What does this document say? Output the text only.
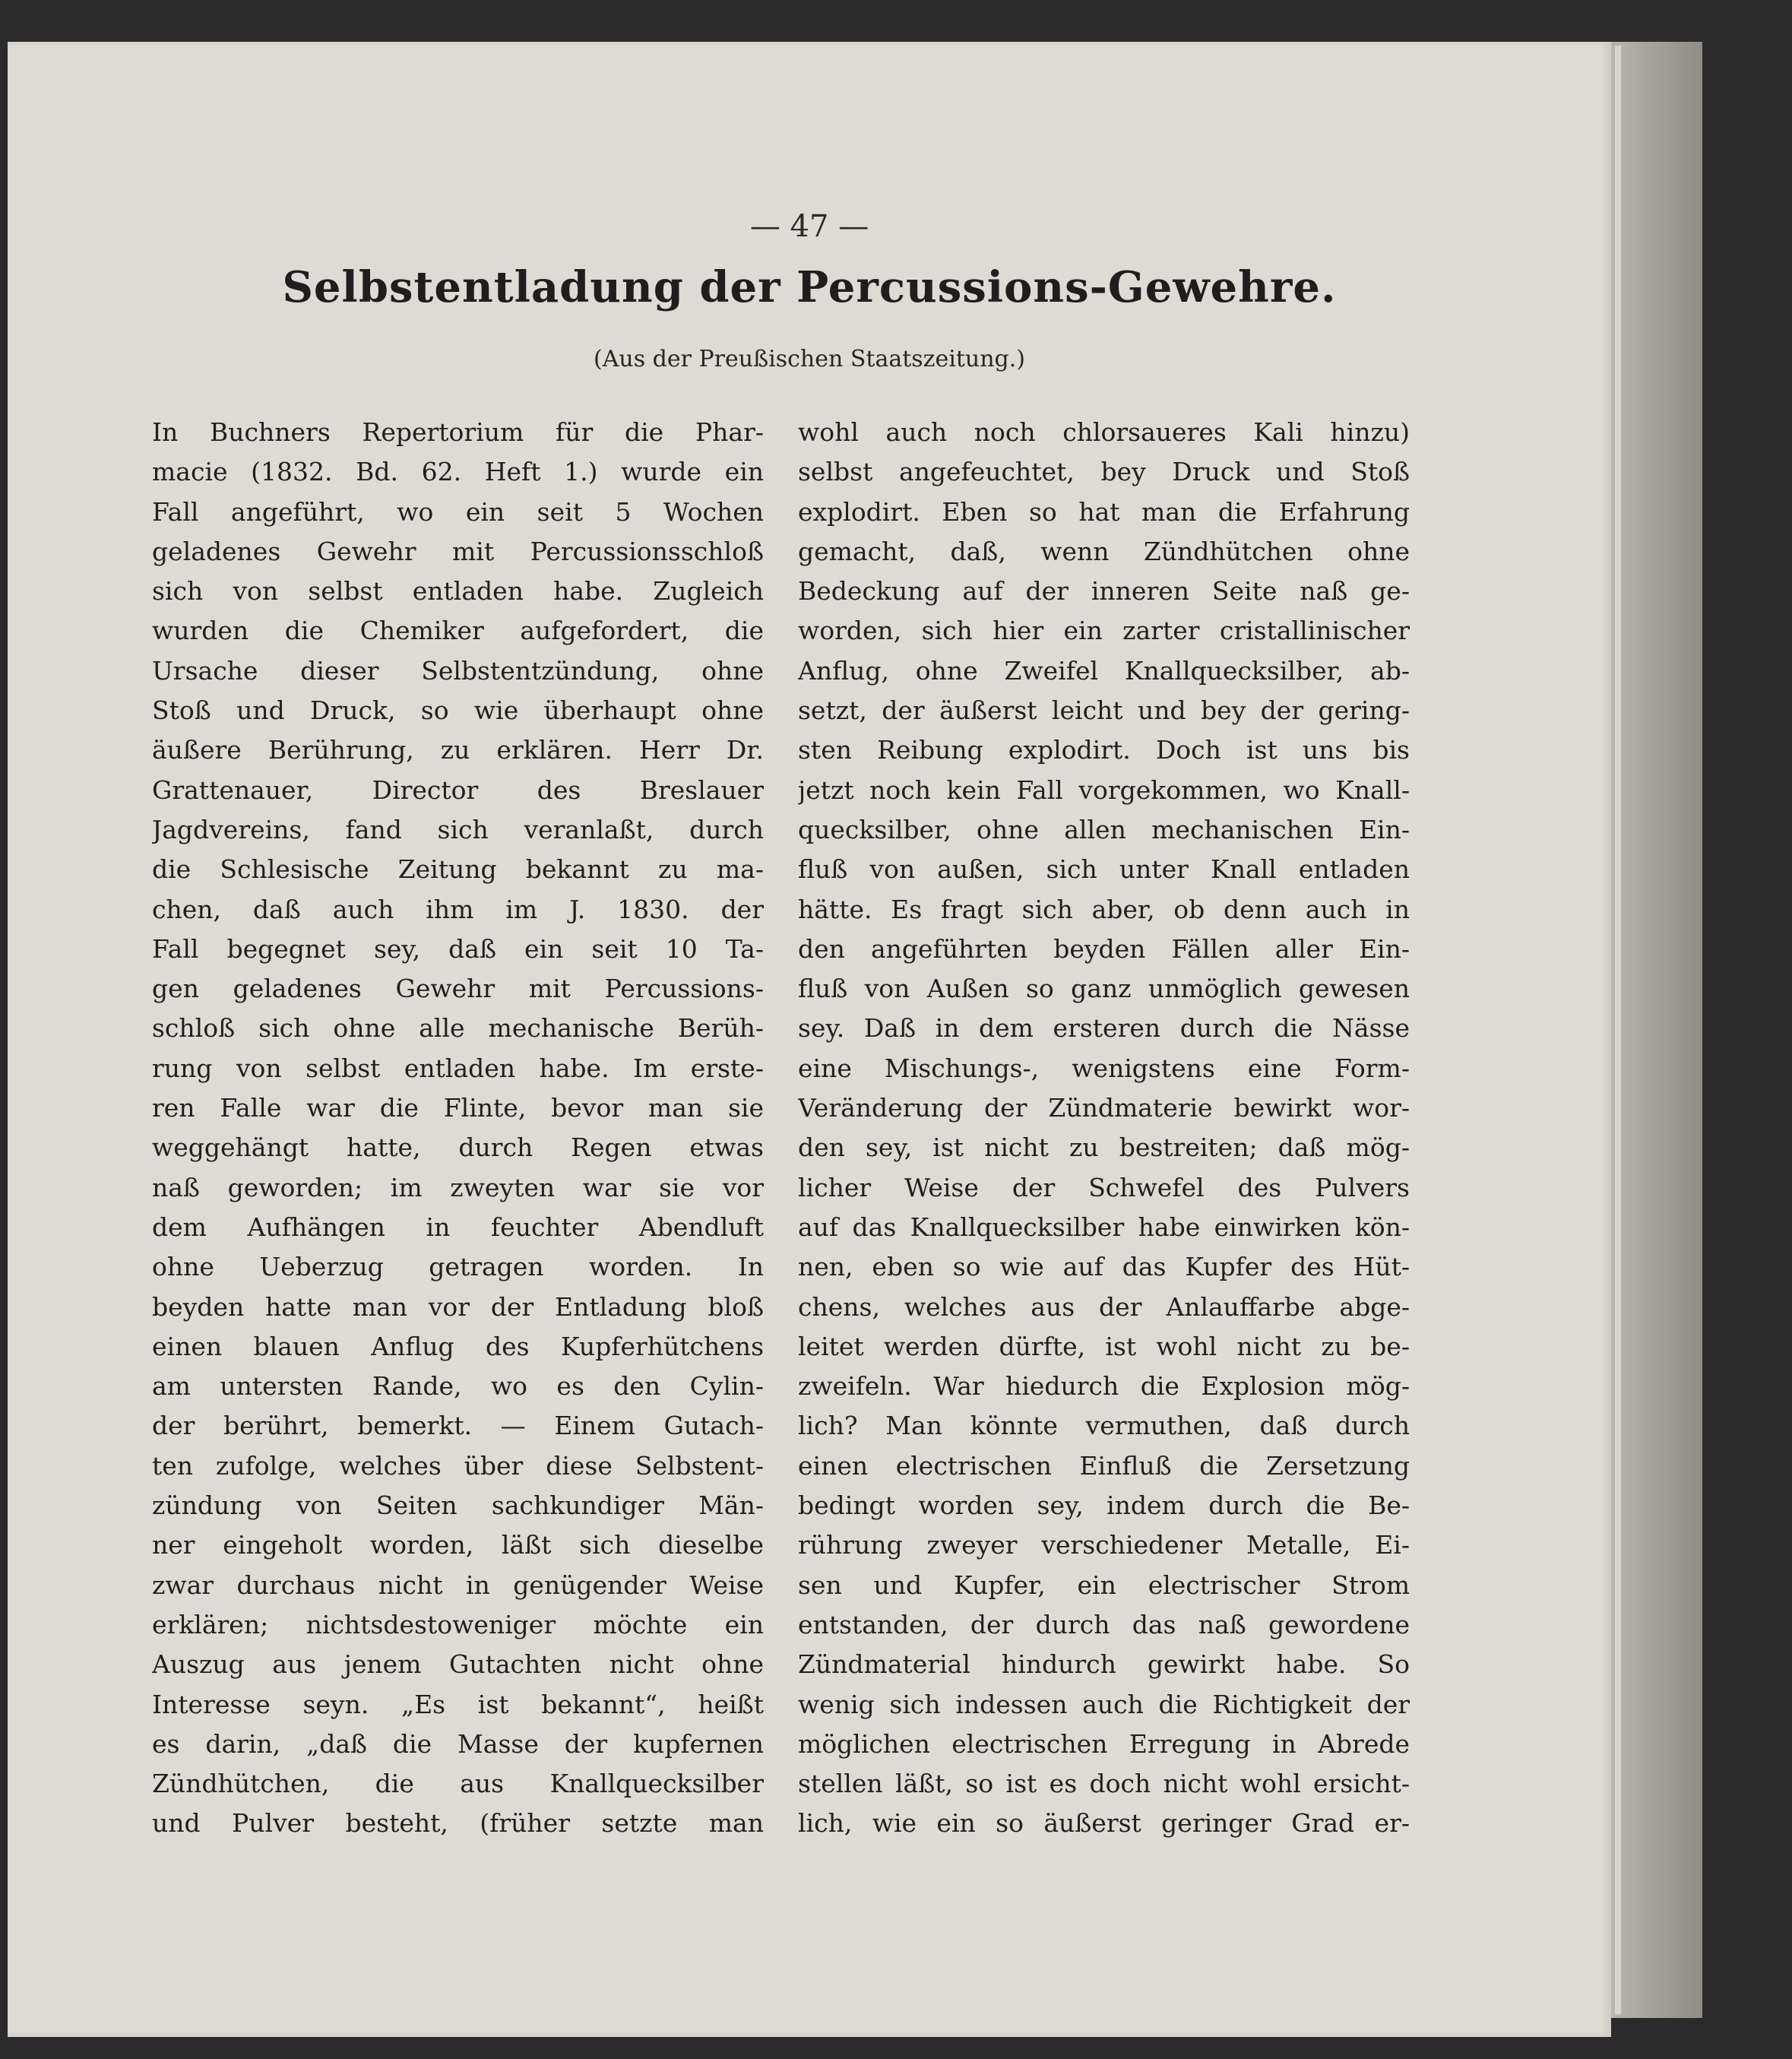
— 47 —
Selbstentladung der Percussions-Gewehre.
(Aus der Preußischen Staatszeitung.)
In Buchners Repertorium für die Phar-
macie (1832. Bd. 62. Heft 1.) wurde ein
Fall angeführt, wo ein seit 5 Wochen
geladenes Gewehr mit Percussionsschloß
sich von selbst entladen habe. Zugleich
wurden die Chemiker aufgefordert, die
Ursache dieser Selbstentzündung, ohne
Stoß und Druck, so wie überhaupt ohne
äußere Berührung, zu erklären. Herr Dr.
Grattenauer, Director des Breslauer
Jagdvereins, fand sich veranlaßt, durch
die Schlesische Zeitung bekannt zu ma-
chen, daß auch ihm im J. 1830. der
Fall begegnet sey, daß ein seit 10 Ta-
gen geladenes Gewehr mit Percussions-
schloß sich ohne alle mechanische Berüh-
rung von selbst entladen habe. Im erste-
ren Falle war die Flinte, bevor man sie
weggehängt hatte, durch Regen etwas
naß geworden; im zweyten war sie vor
dem Aufhängen in feuchter Abendluft
ohne Ueberzug getragen worden. In
beyden hatte man vor der Entladung bloß
einen blauen Anflug des Kupferhütchens
am untersten Rande, wo es den Cylin-
der berührt, bemerkt. — Einem Gutach-
ten zufolge, welches über diese Selbstent-
zündung von Seiten sachkundiger Män-
ner eingeholt worden, läßt sich dieselbe
zwar durchaus nicht in genügender Weise
erklären; nichtsdestoweniger möchte ein
Auszug aus jenem Gutachten nicht ohne
Interesse seyn. „Es ist bekannt“, heißt
es darin, „daß die Masse der kupfernen
Zündhütchen, die aus Knallquecksilber
und Pulver besteht, (früher setzte man
wohl auch noch chlorsaueres Kali hinzu)
selbst angefeuchtet, bey Druck und Stoß
explodirt. Eben so hat man die Erfahrung
gemacht, daß, wenn Zündhütchen ohne
Bedeckung auf der inneren Seite naß ge-
worden, sich hier ein zarter cristallinischer
Anflug, ohne Zweifel Knallquecksilber, ab-
setzt, der äußerst leicht und bey der gering-
sten Reibung explodirt. Doch ist uns bis
jetzt noch kein Fall vorgekommen, wo Knall-
quecksilber, ohne allen mechanischen Ein-
fluß von außen, sich unter Knall entladen
hätte. Es fragt sich aber, ob denn auch in
den angeführten beyden Fällen aller Ein-
fluß von Außen so ganz unmöglich gewesen
sey. Daß in dem ersteren durch die Nässe
eine Mischungs-, wenigstens eine Form-
Veränderung der Zündmaterie bewirkt wor-
den sey, ist nicht zu bestreiten; daß mög-
licher Weise der Schwefel des Pulvers
auf das Knallquecksilber habe einwirken kön-
nen, eben so wie auf das Kupfer des Hüt-
chens, welches aus der Anlauffarbe abge-
leitet werden dürfte, ist wohl nicht zu be-
zweifeln. War hiedurch die Explosion mög-
lich? Man könnte vermuthen, daß durch
einen electrischen Einfluß die Zersetzung
bedingt worden sey, indem durch die Be-
rührung zweyer verschiedener Metalle, Ei-
sen und Kupfer, ein electrischer Strom
entstanden, der durch das naß gewordene
Zündmaterial hindurch gewirkt habe. So
wenig sich indessen auch die Richtigkeit der
möglichen electrischen Erregung in Abrede
stellen läßt, so ist es doch nicht wohl ersicht-
lich, wie ein so äußerst geringer Grad er-
